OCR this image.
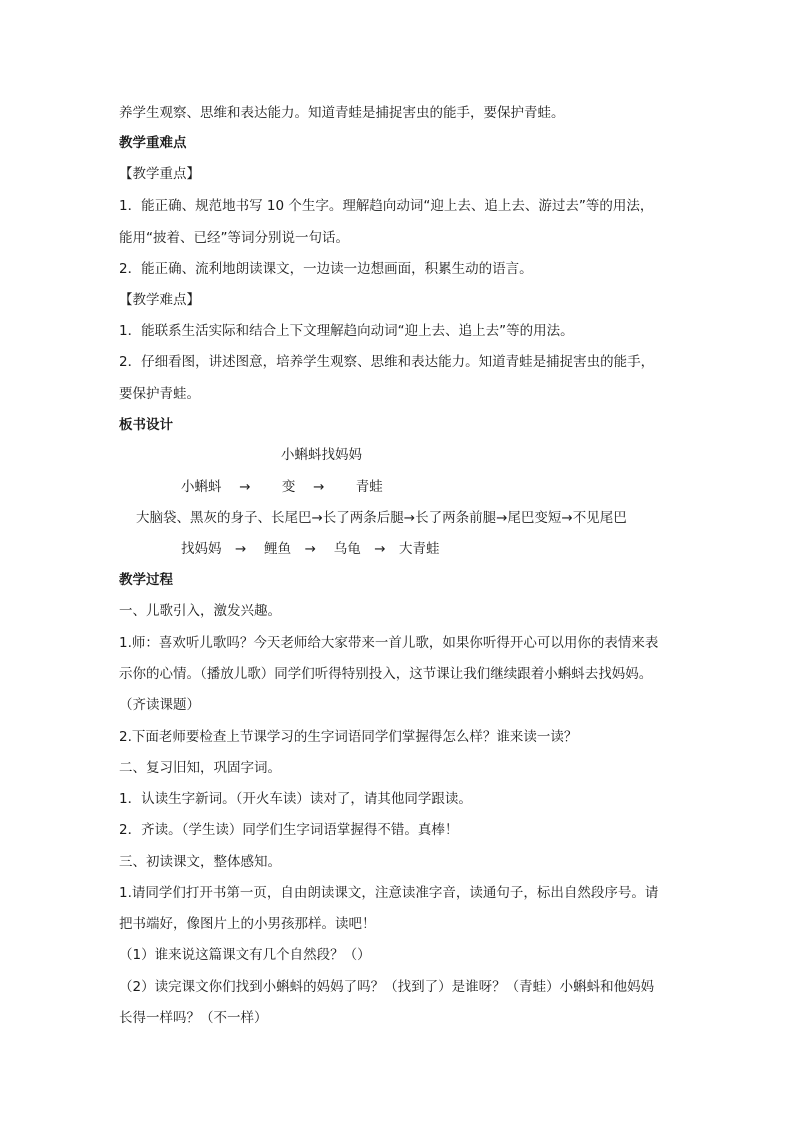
养学生观察、思维和表达能力。知道青蛙是捕捉害虫的能手，要保护青蛙。
教学重难点
【教学重点】
1．能正确、规范地书写 10 个生字。理解趋向动词“迎上去、追上去、游过去”等的用法，
能用“披着、已经”等词分别说一句话。
2．能正确、流利地朗读课文，一边读一边想画面，积累生动的语言。
【教学难点】
1．能联系生活实际和结合上下文理解趋向动词“迎上去、追上去”等的用法。
2．仔细看图，讲述图意，培养学生观察、思维和表达能力。知道青蛙是捕捉害虫的能手，
要保护青蛙。
板书设计
小蝌蚪找妈妈
小蝌蚪　 →　 　变　 →　 　青蛙
大脑袋、黑灰的身子、长尾巴→长了两条后腿→长了两条前腿→尾巴变短→不见尾巴
找妈妈　→　 鲤鱼　→　 乌龟　→　大青蛙
教学过程
一、儿歌引入，激发兴趣。
1.师：喜欢听儿歌吗？今天老师给大家带来一首儿歌，如果你听得开心可以用你的表情来表
示你的心情。（播放儿歌）同学们听得特别投入，这节课让我们继续跟着小蝌蚪去找妈妈。
（齐读课题）
2.下面老师要检查上节课学习的生字词语同学们掌握得怎么样？谁来读一读？
二、复习旧知，巩固字词。
1．认读生字新词。（开火车读）读对了，请其他同学跟读。
2．齐读。（学生读）同学们生字词语掌握得不错。真棒！
三、初读课文，整体感知。
1.请同学们打开书第一页，自由朗读课文，注意读准字音，读通句子，标出自然段序号。请
把书端好，像图片上的小男孩那样。读吧！
（1）谁来说这篇课文有几个自然段？（）
（2）读完课文你们找到小蝌蚪的妈妈了吗？（找到了）是谁呀？（青蛙）小蝌蚪和他妈妈
长得一样吗？（不一样）
